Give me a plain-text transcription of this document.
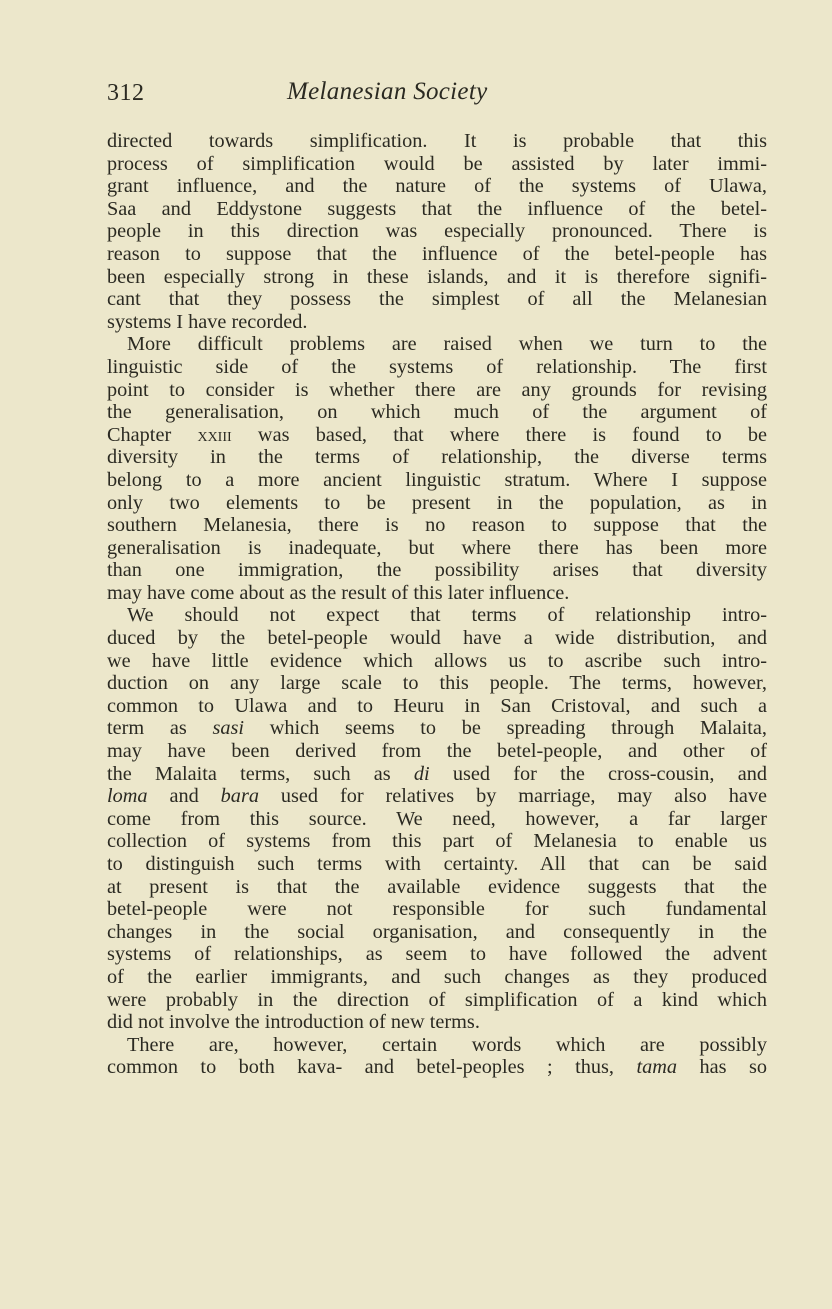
312	Melanesian Society
directed towards simplification. It is probable that this
process of simplification would be assisted by later immi-
grant influence, and the nature of the systems of Ulawa,
Saa and Eddystone suggests that the influence of the betel-
people in this direction was especially pronounced. There is
reason to suppose that the influence of the betel-people has
been especially strong in these islands, and it is therefore signifi-
cant that they possess the simplest of all the Melanesian
systems I have recorded.
More difficult problems are raised when we turn to the
linguistic side of the systems of relationship. The first
point to consider is whether there are any grounds for revising
the generalisation, on which much of the argument of
Chapter xxiii was based, that where there is found to be
diversity in the terms of relationship, the diverse terms
belong to a more ancient linguistic stratum. Where I suppose
only two elements to be present in the population, as in
southern Melanesia, there is no reason to suppose that the
generalisation is inadequate, but where there has been more
than one immigration, the possibility arises that diversity
may have come about as the result of this later influence.
We should not expect that terms of relationship intro-
duced by the betel-people would have a wide distribution, and
we have little evidence which allows us to ascribe such intro-
duction on any large scale to this people. The terms, however,
common to Ulawa and to Heuru in San Cristoval, and such a
term as sasi which seems to be spreading through Malaita,
may have been derived from the betel-people, and other of
the Malaita terms, such as di used for the cross-cousin, and
loma and bara used for relatives by marriage, may also have
come from this source. We need, however, a far larger
collection of systems from this part of Melanesia to enable us
to distinguish such terms with certainty. All that can be said
at present is that the available evidence suggests that the
betel-people were not responsible for such fundamental
changes in the social organisation, and consequently in the
systems of relationships, as seem to have followed the advent
of the earlier immigrants, and such changes as they produced
were probably in the direction of simplification of a kind which
did not involve the introduction of new terms.
There are, however, certain words which are possibly
common to both kava- and betel-peoples ; thus, tama has so
